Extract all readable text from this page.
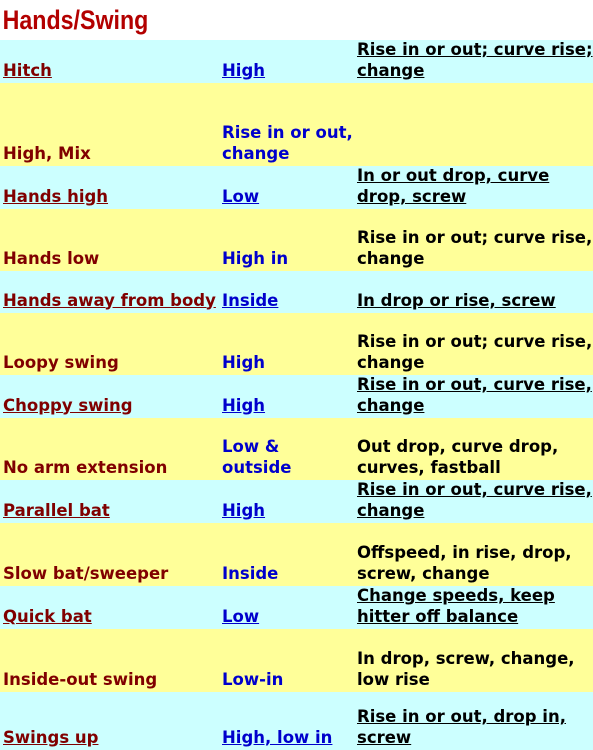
Hands/Swing
Hitch	High	Rise in or out; curve rise; change
High, Mix	Rise in or out, change	
Hands high	Low	In or out drop, curve drop, screw
Hands low	High in	Rise in or out; curve rise, change
Hands away from body	Inside	In drop or rise, screw
Loopy swing	High	Rise in or out; curve rise, change
Choppy swing	High	Rise in or out, curve rise, change
No arm extension	Low & outside	Out drop, curve drop, curves, fastball
Parallel bat	High	Rise in or out, curve rise, change
Slow bat/sweeper	Inside	Offspeed, in rise, drop, screw, change
Quick bat	Low	Change speeds, keep hitter off balance
Inside-out swing	Low-in	In drop, screw, change, low rise
Swings up	High, low in	Rise in or out, drop in, screw
